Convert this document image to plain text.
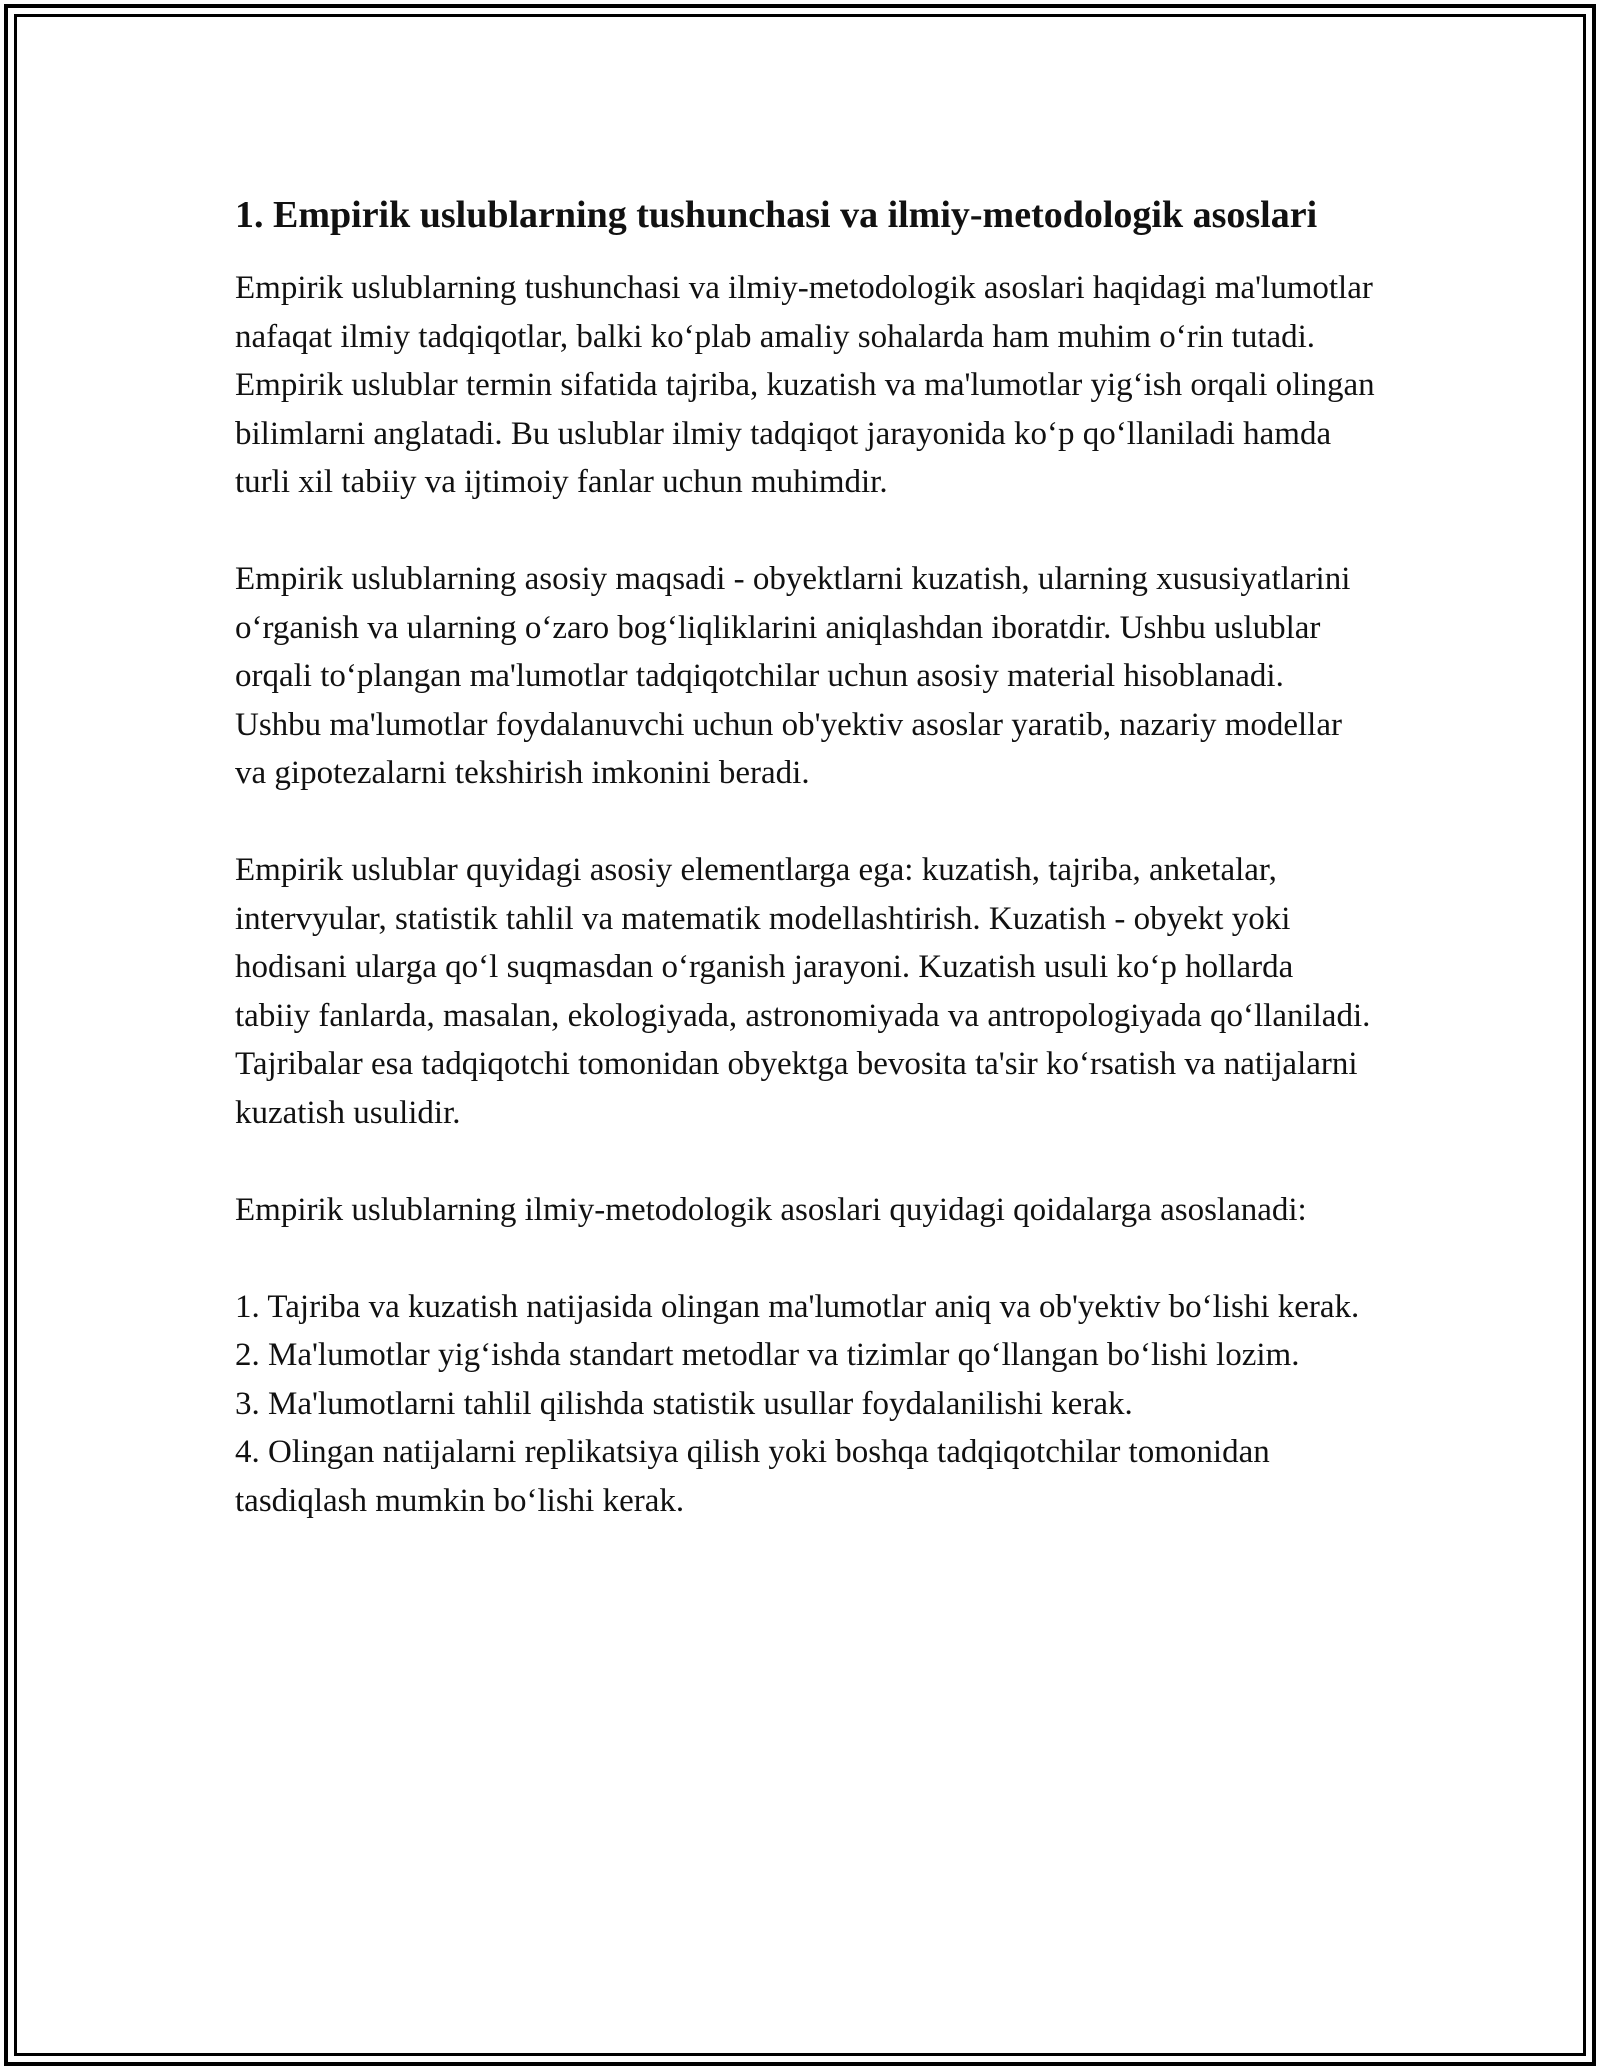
1. Empirik uslublarning tushunchasi va ilmiy-metodologik asoslari

Empirik uslublarning tushunchasi va ilmiy-metodologik asoslari haqidagi ma'lumotlar nafaqat ilmiy tadqiqotlar, balki ko‘plab amaliy sohalarda ham muhim o‘rin tutadi. Empirik uslublar termin sifatida tajriba, kuzatish va ma'lumotlar yig‘ish orqali olingan bilimlarni anglatadi. Bu uslublar ilmiy tadqiqot jarayonida ko‘p qo‘llaniladi hamda turli xil tabiiy va ijtimoiy fanlar uchun muhimdir.

Empirik uslublarning asosiy maqsadi - obyektlarni kuzatish, ularning xususiyatlarini o‘rganish va ularning o‘zaro bog‘liqliklarini aniqlashdan iboratdir. Ushbu uslublar orqali to‘plangan ma'lumotlar tadqiqotchilar uchun asosiy material hisoblanadi. Ushbu ma'lumotlar foydalanuvchi uchun ob'yektiv asoslar yaratib, nazariy modellar va gipotezalarni tekshirish imkonini beradi.

Empirik uslublar quyidagi asosiy elementlarga ega: kuzatish, tajriba, anketalar, intervyular, statistik tahlil va matematik modellashtirish. Kuzatish - obyekt yoki hodisani ularga qo‘l suqmasdan o‘rganish jarayoni. Kuzatish usuli ko‘p hollarda tabiiy fanlarda, masalan, ekologiyada, astronomiyada va antropologiyada qo‘llaniladi. Tajribalar esa tadqiqotchi tomonidan obyektga bevosita ta'sir ko‘rsatish va natijalarni kuzatish usulidir.

Empirik uslublarning ilmiy-metodologik asoslari quyidagi qoidalarga asoslanadi:

1. Tajriba va kuzatish natijasida olingan ma'lumotlar aniq va ob'yektiv bo‘lishi kerak.
2. Ma'lumotlar yig‘ishda standart metodlar va tizimlar qo‘llangan bo‘lishi lozim.
3. Ma'lumotlarni tahlil qilishda statistik usullar foydalanilishi kerak.
4. Olingan natijalarni replikatsiya qilish yoki boshqa tadqiqotchilar tomonidan tasdiqlash mumkin bo‘lishi kerak.
